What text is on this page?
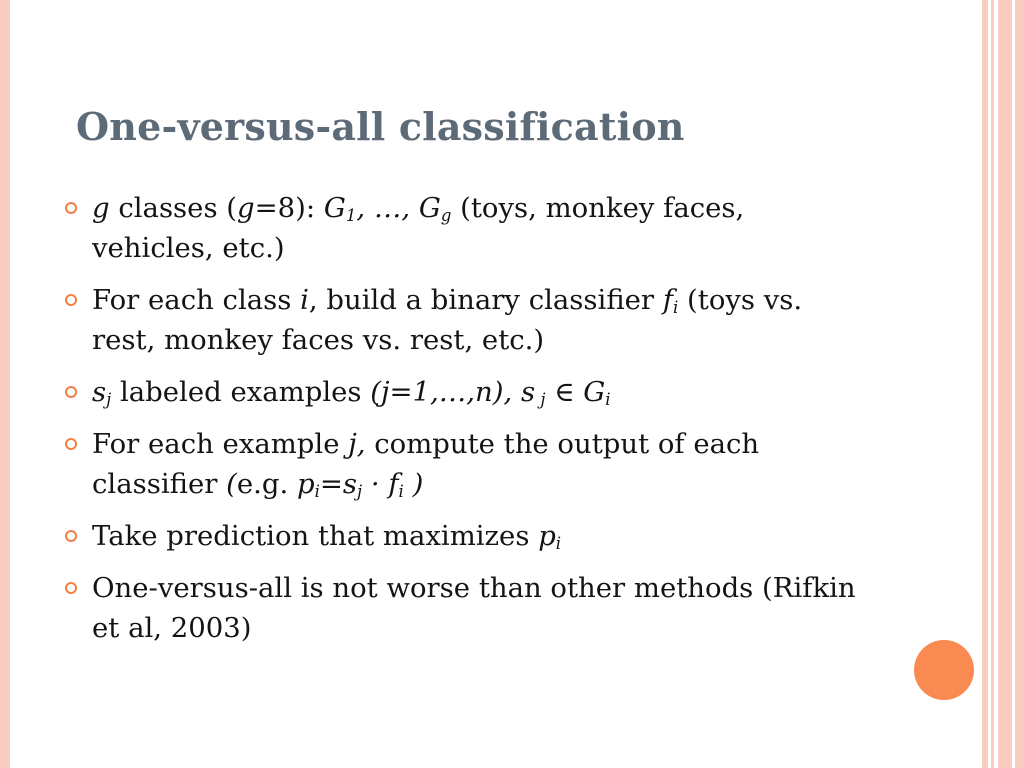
One-versus-all classification
g classes (g=8): $G_1$, …, $G_g$ (toys, monkey faces, vehicles, etc.)
For each class i, build a binary classifier $f_i$ (toys vs. rest, monkey faces vs. rest, etc.)
$s_j$ labeled examples (j=1,…,n), s $_j$ ∈ $G_i$
For each example j, compute the output of each classifier (e.g. $p_i=s_j \cdot f_i$ )
Take prediction that maximizes $p_i$
One-versus-all is not worse than other methods (Rifkin et al, 2003)
